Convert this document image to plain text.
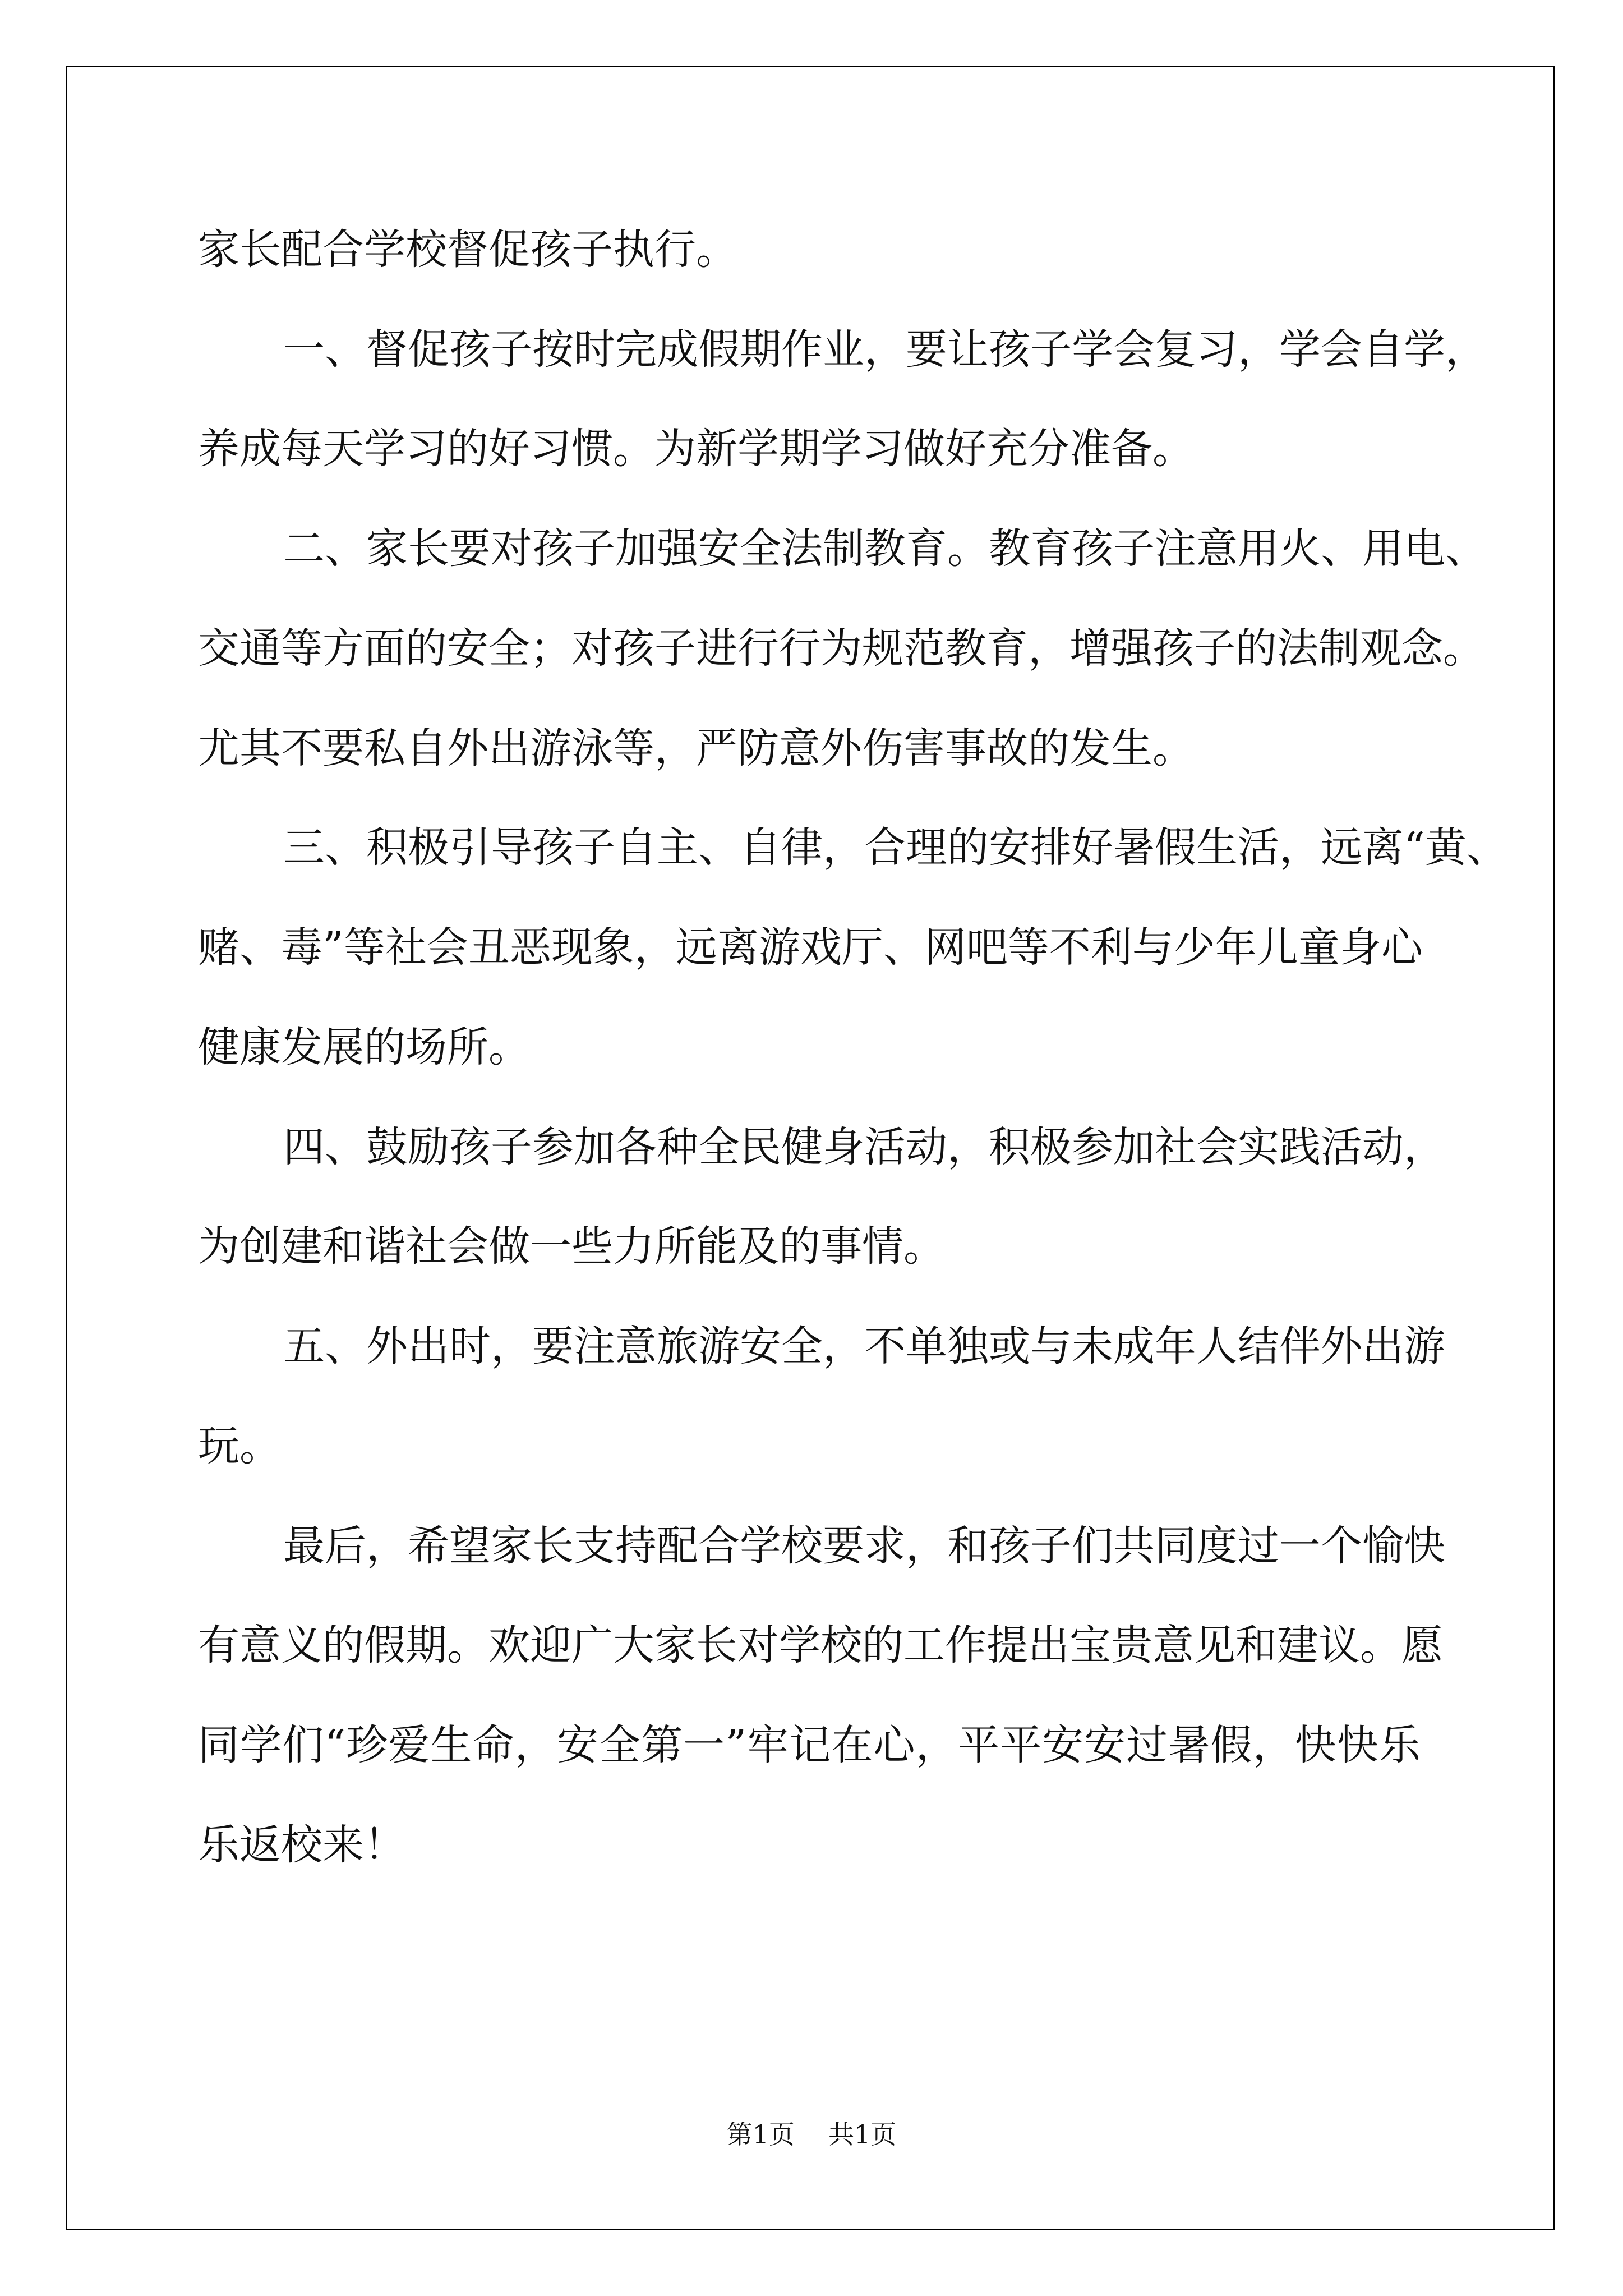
家长配合学校督促孩子执行。

一、督促孩子按时完成假期作业，要让孩子学会复习，学会自学，

养成每天学习的好习惯。为新学期学习做好充分准备。

二、家长要对孩子加强安全法制教育。教育孩子注意用火、用电、

交通等方面的安全；对孩子进行行为规范教育，增强孩子的法制观念。

尤其不要私自外出游泳等，严防意外伤害事故的发生。

三、积极引导孩子自主、自律，合理的安排好暑假生活，远离“黄、

赌、毒”等社会丑恶现象，远离游戏厅、网吧等不利与少年儿童身心

健康发展的场所。

四、鼓励孩子参加各种全民健身活动，积极参加社会实践活动，

为创建和谐社会做一些力所能及的事情。

五、外出时，要注意旅游安全，不单独或与未成年人结伴外出游

玩。

最后，希望家长支持配合学校要求，和孩子们共同度过一个愉快

有意义的假期。欢迎广大家长对学校的工作提出宝贵意见和建议。愿

同学们“珍爱生命，安全第一”牢记在心，平平安安过暑假，快快乐

乐返校来！

第1页 共1页
